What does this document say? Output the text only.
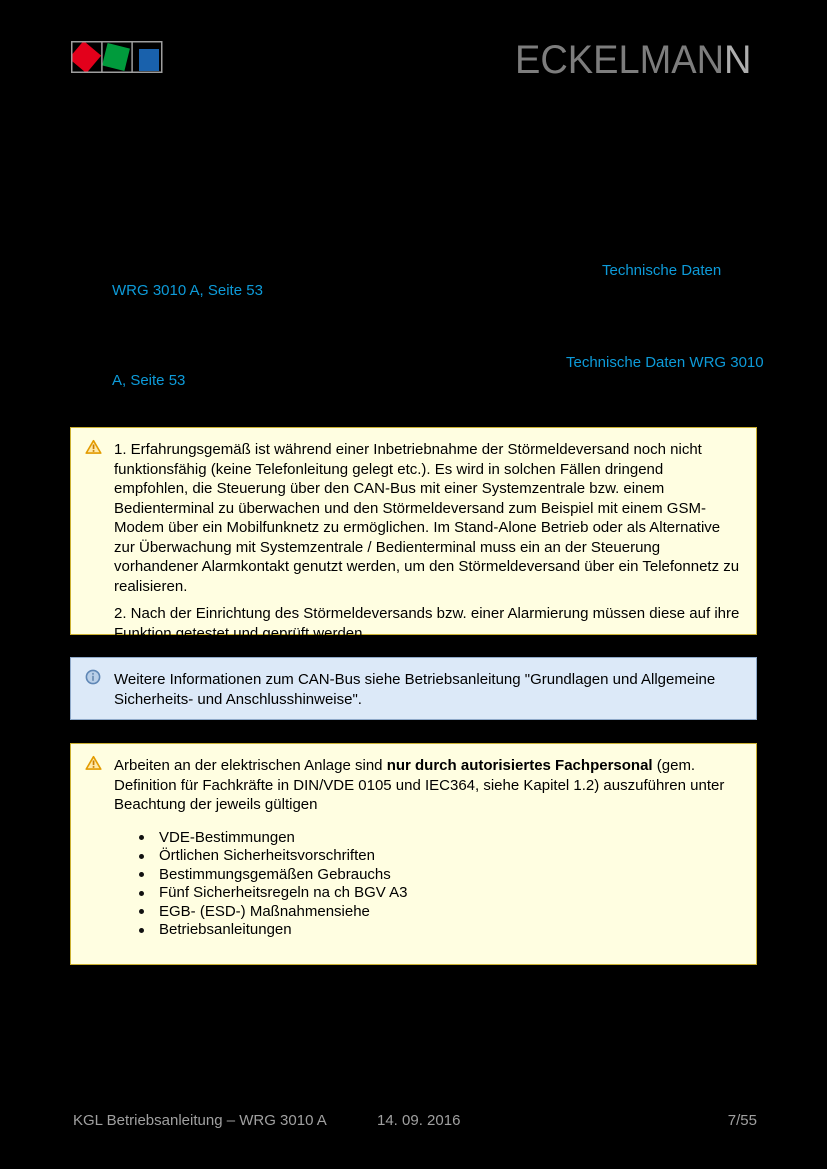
ECKELMANN
Technische Daten
WRG 3010 A, Seite 53
Technische Daten WRG 3010
A, Seite 53

1. Erfahrungsgemäß ist während einer Inbetriebnahme der Störmeldeversand noch nicht funktionsfähig (keine Telefonleitung gelegt etc.). Es wird in solchen Fällen dringend empfohlen, die Steuerung über den CAN-Bus mit einer Systemzentrale bzw. einem Bedienterminal zu überwachen und den Störmeldeversand zum Beispiel mit einem GSM-Modem über ein Mobilfunknetz zu ermöglichen. Im Stand-Alone Betrieb oder als Alternative zur Überwachung mit Systemzentrale / Bedienterminal muss ein an der Steuerung vorhandener Alarmkontakt genutzt werden, um den Störmeldeversand über ein Telefonnetz zu realisieren.

2. Nach der Einrichtung des Störmeldeversands bzw. einer Alarmierung müssen diese auf ihre Funktion getestet und geprüft werden.

Weitere Informationen zum CAN-Bus siehe Betriebsanleitung "Grundlagen und Allgemeine Sicherheits- und Anschlusshinweise".

Arbeiten an der elektrischen Anlage sind nur durch autorisiertes Fachpersonal (gem. Definition für Fachkräfte in DIN/VDE 0105 und IEC364, siehe Kapitel 1.2) auszuführen unter Beachtung der jeweils gültigen

VDE-Bestimmungen
Örtlichen Sicherheitsvorschriften
Bestimmungsgemäßen Gebrauchs
Fünf Sicherheitsregeln na ch BGV A3
EGB- (ESD-) Maßnahmensiehe
Betriebsanleitungen
KGL Betriebsanleitung – WRG 3010 A	14. 09. 2016	7/55
